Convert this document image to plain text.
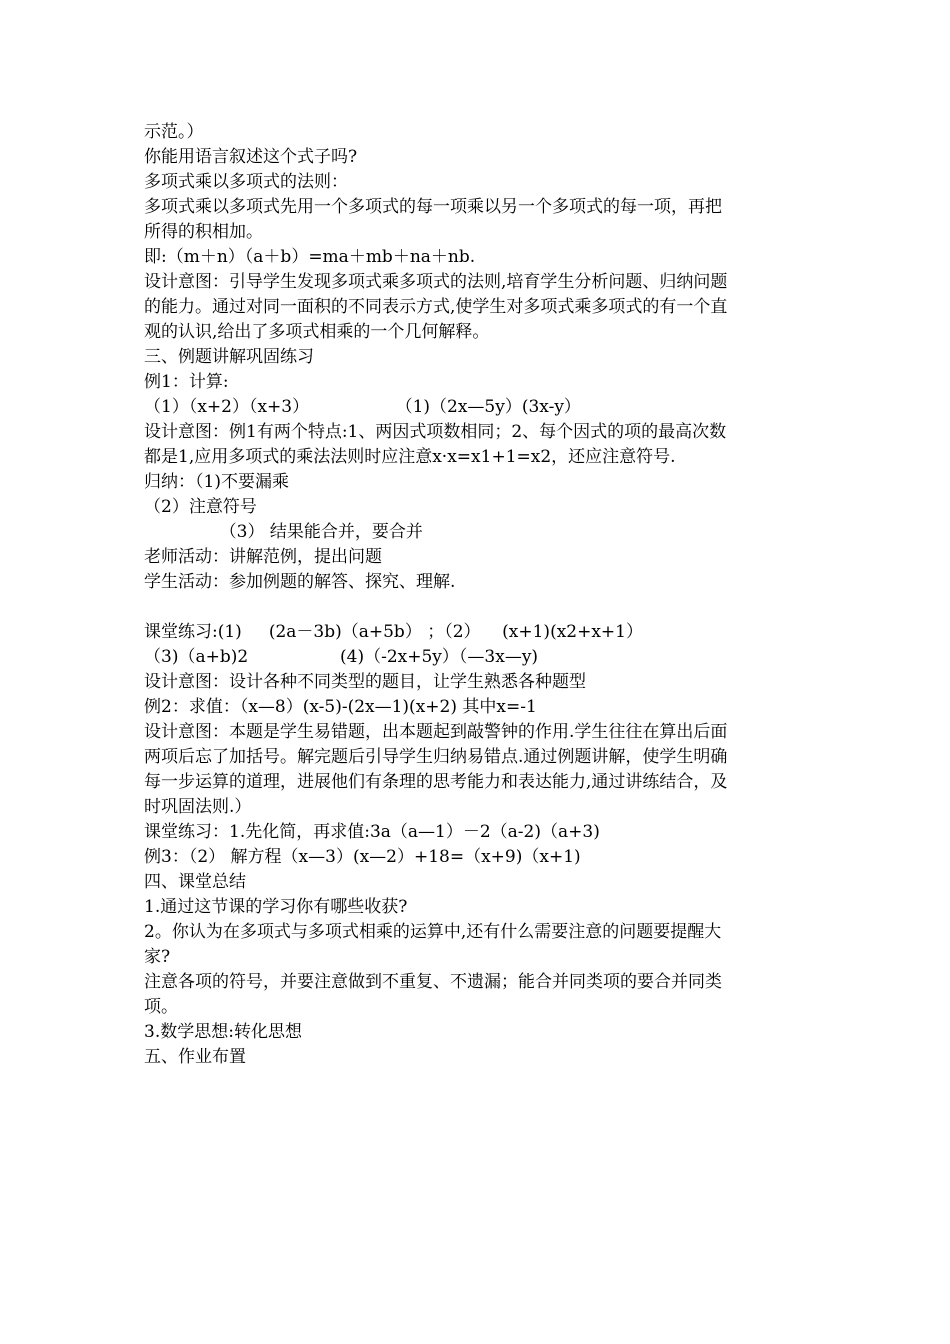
示范。）
你能用语言叙述这个式子吗?
多项式乘以多项式的法则：
多项式乘以多项式先用一个多项式的每一项乘以另一个多项式的每一项，再把
所得的积相加。
即:（m＋n）（a＋b）=ma＋mb＋na＋nb.
设计意图：引导学生发现多项式乘多项式的法则,培育学生分析问题、归纳问题
的能力。通过对同一面积的不同表示方式,使学生对多项式乘多项式的有一个直
观的认识,给出了多项式相乘的一个几何解释。
三、例题讲解巩固练习
例1：计算:
（1）（x+2）（x+3）                （1)（2x—5y）(3x-y）
设计意图：例1有两个特点:1、两因式项数相同；2、每个因式的项的最高次数
都是1,应用多项式的乘法法则时应注意x·x=x1+1=x2，还应注意符号.
归纳：（1)不要漏乘
（2）注意符号
（3） 结果能合并，要合并
老师活动：讲解范例，提出问题
学生活动：参加例题的解答、探究、理解.
课堂练习:(1)     (2a－3b)（a+5b） ；（2）    (x+1)(x2+x+1）
（3)（a+b)2                 (4)（-2x+5y）（—3x—y)
设计意图：设计各种不同类型的题目，让学生熟悉各种题型
例2：求值：（x—8）(x-5)-(2x—1)(x+2) 其中x=-1
设计意图：本题是学生易错题，出本题起到敲警钟的作用.学生往往在算出后面
两项后忘了加括号。解完题后引导学生归纳易错点.通过例题讲解，使学生明确
每一步运算的道理，进展他们有条理的思考能力和表达能力,通过讲练结合，及
时巩固法则.）
课堂练习：1.先化简，再求值:3a（a—1）－2（a-2)（a+3)
例3：（2） 解方程（x—3）(x—2）+18=（x+9)（x+1)
四、课堂总结
1.通过这节课的学习你有哪些收获?
2。你认为在多项式与多项式相乘的运算中,还有什么需要注意的问题要提醒大
家?
注意各项的符号，并要注意做到不重复、不遗漏；能合并同类项的要合并同类
项。
3.数学思想:转化思想
五、作业布置
